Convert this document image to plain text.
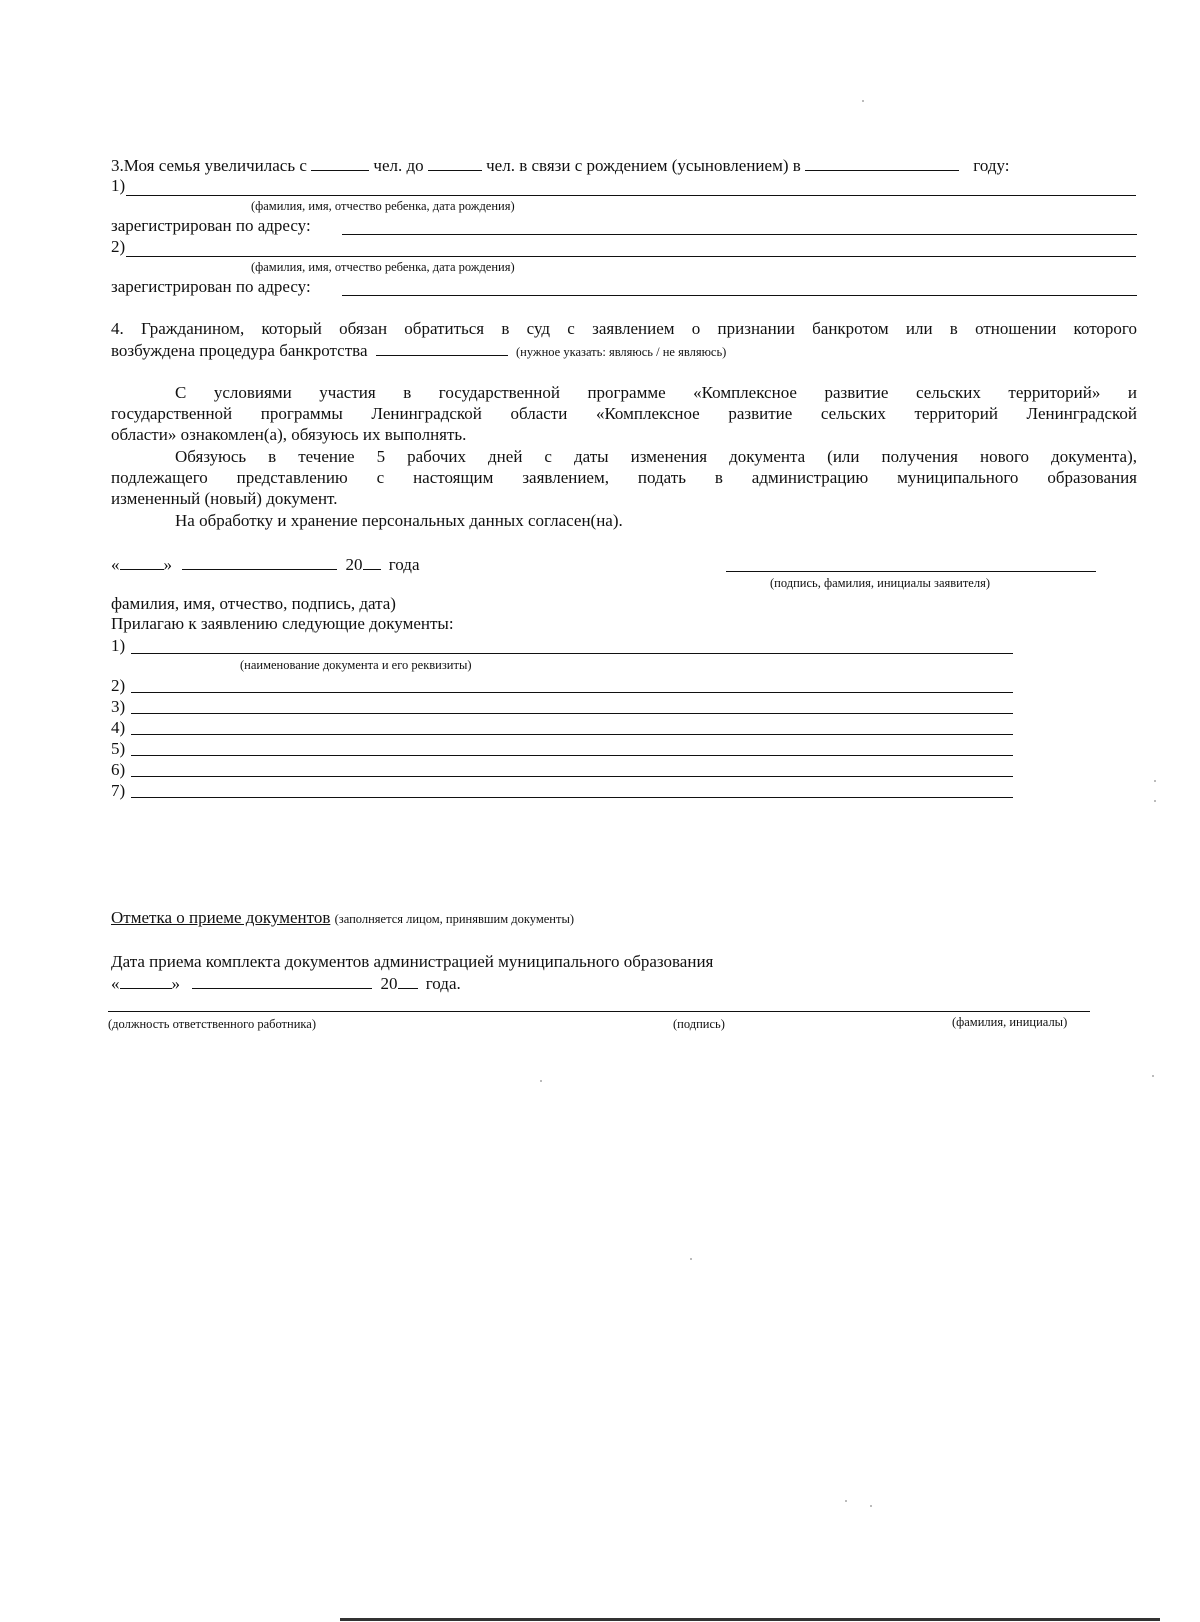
3.Моя семья увеличилась с	чел. до	чел. в связи с рождением (усыновлением) в	году:
1)
(фамилия, имя, отчество ребенка, дата рождения)
зарегистрирован по адресу:
2)
(фамилия, имя, отчество ребенка, дата рождения)
зарегистрирован по адресу:
4. Гражданином, который обязан обратиться в суд с заявлением о признании банкротом или в отношении которого
возбуждена процедура банкротства	(нужное указать: являюсь / не являюсь)
С условиями участия в государственной программе «Комплексное развитие сельских территорий» и
государственной программы Ленинградской области «Комплексное развитие сельских территорий Ленинградской
области» ознакомлен(а), обязуюсь их выполнять.
Обязуюсь в течение 5 рабочих дней с даты изменения документа (или получения нового документа),
подлежащего представлению с настоящим заявлением, подать в администрацию муниципального образования
измененный (новый) документ.
На обработку и хранение персональных данных согласен(на).
«	»	20 года
(подпись, фамилия, инициалы заявителя)
фамилия, имя, отчество, подпись, дата)
Прилагаю к заявлению следующие документы:
1)
(наименование документа и его реквизиты)
2)
3)
4)
5)
6)
7)
Отметка о приеме документов (заполняется лицом, принявшим документы)
Дата приема комплекта документов администрацией муниципального образования
«	»	20 года.
(должность ответственного работника)	(подпись)	(фамилия, инициалы)
